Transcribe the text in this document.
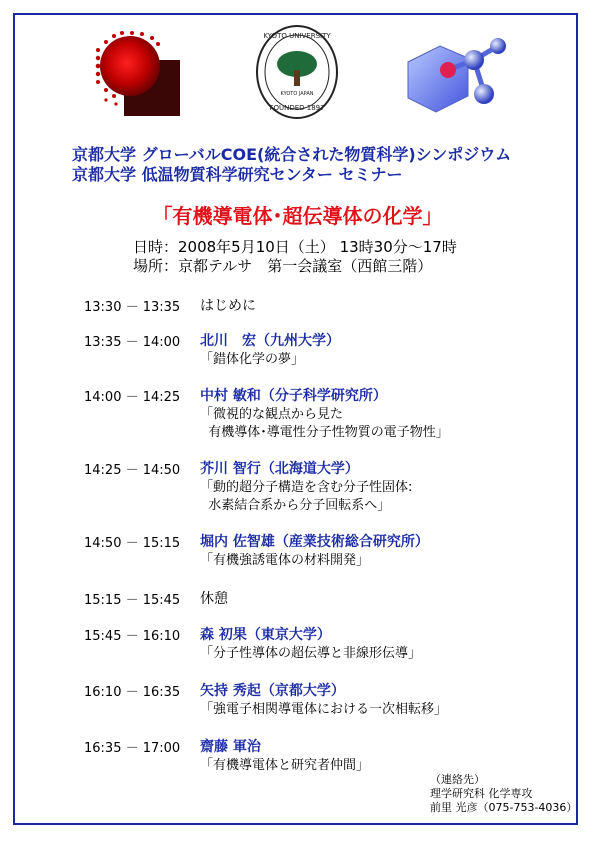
KYOTO UNIVERSITY
KYOTO JAPAN
FOUNDED 1897
京都大学 グローバルCOE(統合された物質科学)シンポジウム
京都大学 低温物質科学研究センター セミナー
「有機導電体･超伝導体の化学」
日時：2008年5月10日（土） 13時30分～17時
場所：京都テルサ　第一会議室（西館三階）
13:30 － 13:35 はじめに
13:35 － 14:00 北川　宏（九州大学）
「錯体化学の夢」
14:00 － 14:25 中村 敏和（分子科学研究所）
「微視的な観点から見た
有機導体･導電性分子性物質の電子物性」
14:25 － 14:50 芥川 智行（北海道大学）
「動的超分子構造を含む分子性固体:
水素結合系から分子回転系へ」
14:50 － 15:15 堀内 佐智雄（産業技術総合研究所）
「有機強誘電体の材料開発」
15:15 － 15:45 休憩
15:45 － 16:10 森 初果（東京大学）
「分子性導体の超伝導と非線形伝導」
16:10 － 16:35 矢持 秀起（京都大学）
「強電子相関導電体における一次相転移」
16:35 － 17:00 齋藤 軍治
「有機導電体と研究者仲間」
（連絡先）
理学研究科 化学専攻
前里 光彦（075-753-4036）
